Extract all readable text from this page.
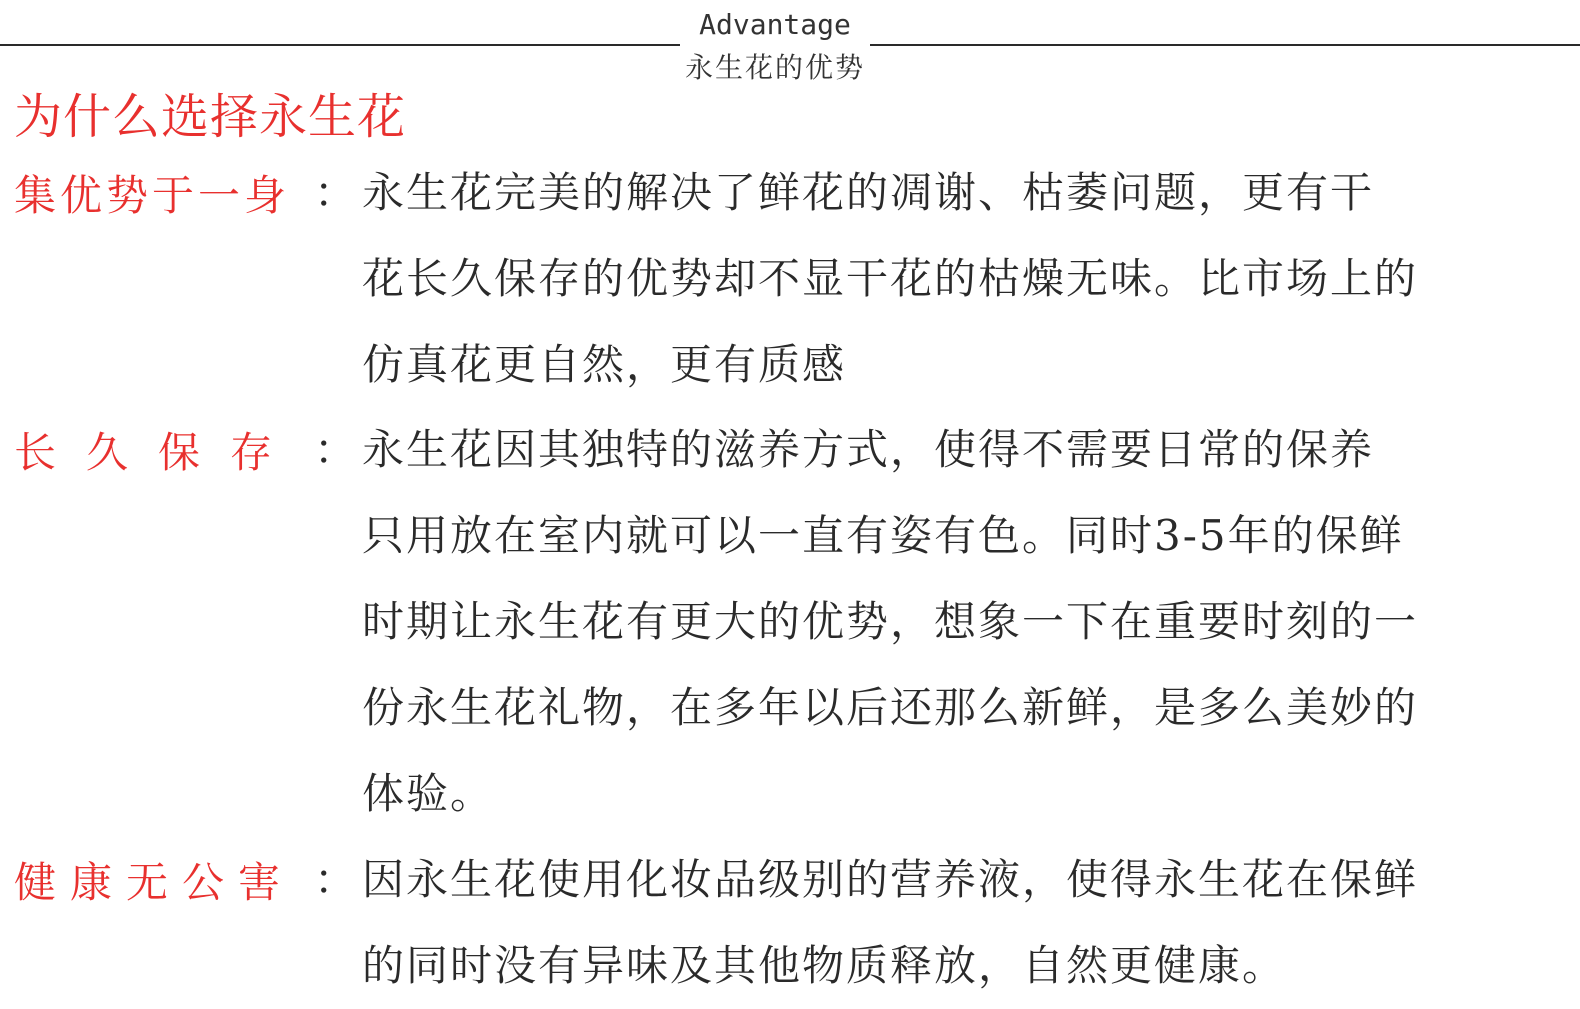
Advantage
永生花的优势
为什么选择永生花
集优势于一身 ： 永生花完美的解决了鲜花的凋谢、枯萎问题，更有干
花长久保存的优势却不显干花的枯燥无味。比市场上的
仿真花更自然，更有质感
长久保存 ： 永生花因其独特的滋养方式，使得不需要日常的保养
只用放在室内就可以一直有姿有色。同时3-5年的保鲜
时期让永生花有更大的优势，想象一下在重要时刻的一
份永生花礼物，在多年以后还那么新鲜，是多么美妙的
体验。
健康无公害 ： 因永生花使用化妆品级别的营养液，使得永生花在保鲜
的同时没有异味及其他物质释放，自然更健康。
